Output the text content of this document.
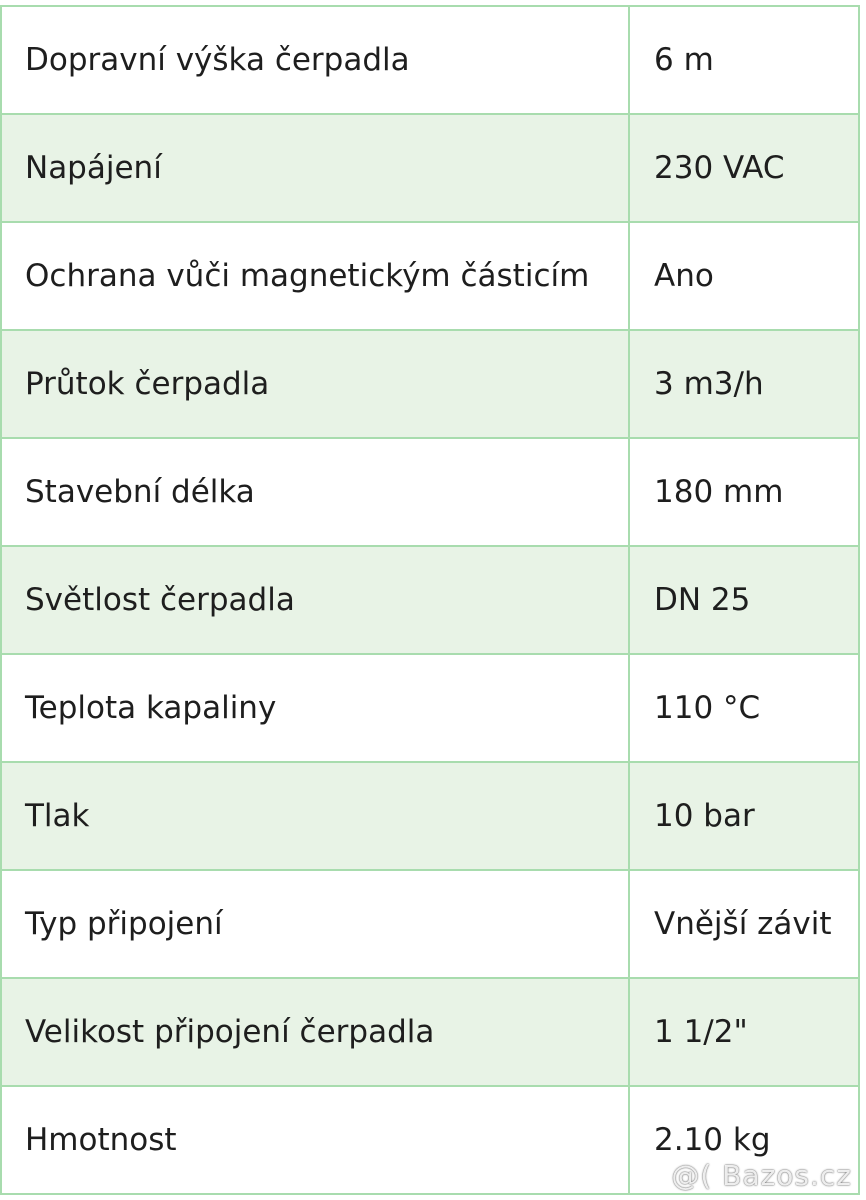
Dopravní výška čerpadla	6 m
Napájení	230 VAC
Ochrana vůči magnetickým částicím	Ano
Průtok čerpadla	3 m3/h
Stavební délka	180 mm
Světlost čerpadla	DN 25
Teplota kapaliny	110 °C
Tlak	10 bar
Typ připojení	Vnější závit
Velikost připojení čerpadla	1 1/2"
Hmotnost	2.10 kg
@( Bazos.cz
